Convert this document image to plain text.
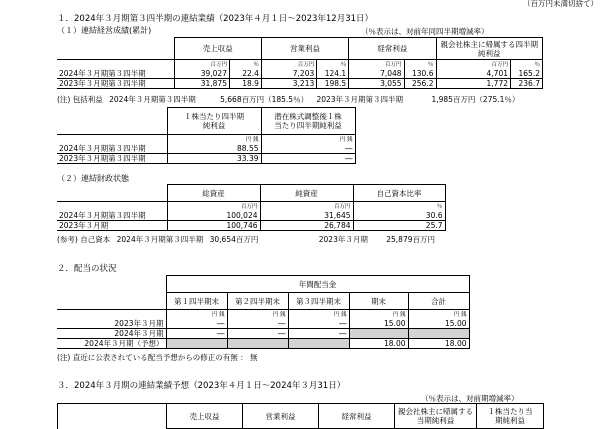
（百万円未満切捨て）
１．2024年３月期第３四半期の連結業績（2023年４月１日～2023年12月31日）
（１）連結経営成績(累計)	（％表示は、対前年同四半期増減率）
	売上収益		営業利益		経常利益		親会社株主に帰属する四半期純利益	
	百万円	％	百万円	％	百万円	％	百万円	％
2024年３月期第３四半期	39,027	22.4	7,203	124.1	7,048	130.6	4,701	165.2
2023年３月期第３四半期	31,875	18.9	3,213	198.5	3,055	256.2	1,772	236.7
(注) 包括利益 2024年３月期第３四半期	5,668百万円（185.5％） 2023年３月期第３四半期	1,985百万円（275.1％）
	１株当たり四半期純利益	潜在株式調整後１株当たり四半期純利益
	円 銭	円 銭
2024年３月期第３四半期	88.55	―
2023年３月期第３四半期	33.39	―
（２）連結財政状態
	総資産	純資産	自己資本比率
	百万円	百万円	％
2024年３月期第３四半期	100,024	31,645	30.6
2023年３月期	100,746	26,784	25.7
(参考) 自己資本 2024年３月期第３四半期 30,654百万円	2023年３月期 25,879百万円
２．配当の状況
	年間配当金				
	第１四半期末	第２四半期末	第３四半期末	期末	合計
	円 銭	円 銭	円 銭	円 銭	円 銭
2023年３月期	―	―	―	15.00	15.00
2024年３月期	―	―	―		
2024年３月期（予想）				18.00	18.00
(注) 直近に公表されている配当予想からの修正の有無 ： 無
３．2024年３月期の連結業績予想（2023年４月１日～2024年３月31日）
（％表示は、対前期増減率）
	売上収益	営業利益	経常利益	親会社株主に帰属する当期純利益	１株当たり当期純利益
